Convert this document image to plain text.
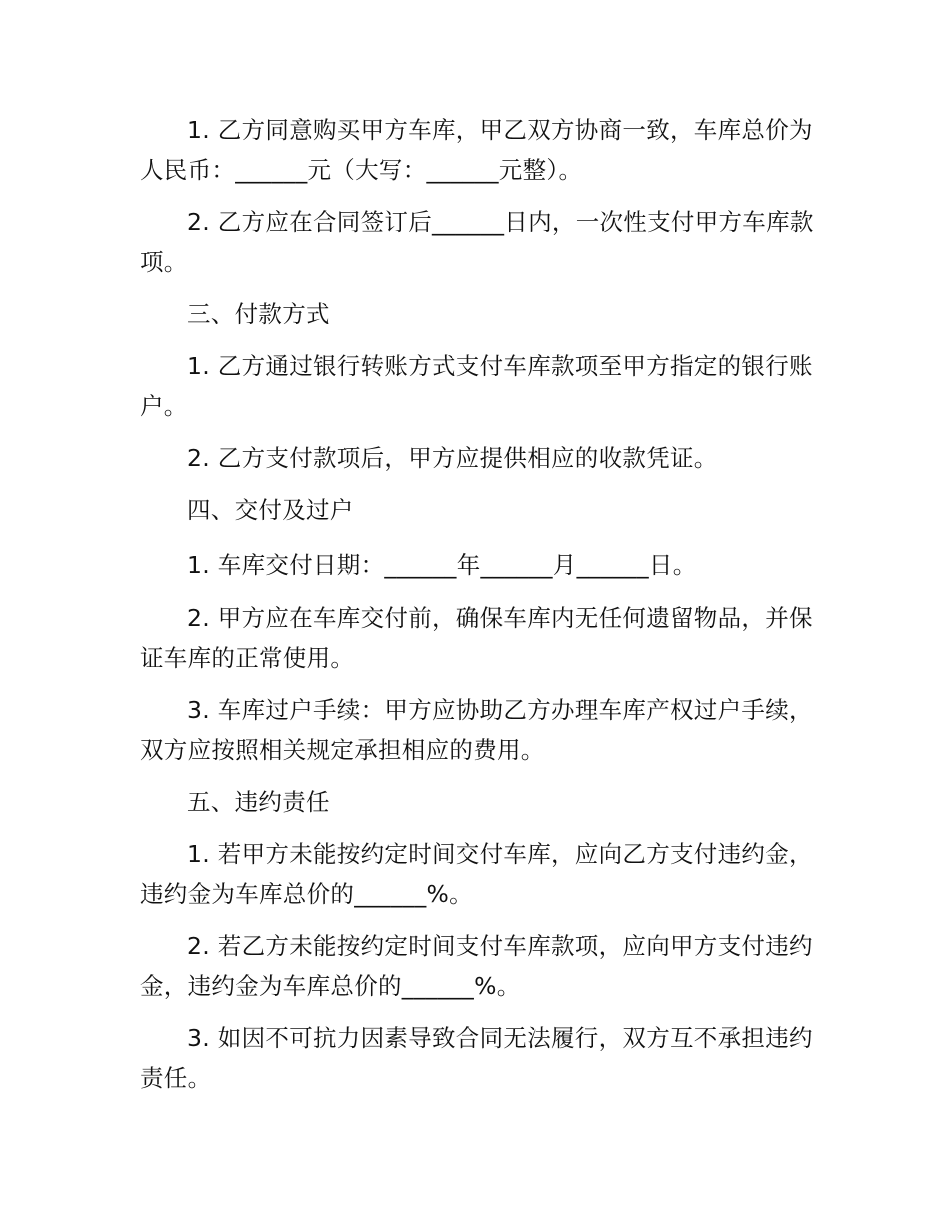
1. 乙方同意购买甲方车库，甲乙双方协商一致，车库总价为人民币：______元（大写：______元整）。

2. 乙方应在合同签订后______日内，一次性支付甲方车库款项。

三、付款方式

1. 乙方通过银行转账方式支付车库款项至甲方指定的银行账户。

2. 乙方支付款项后，甲方应提供相应的收款凭证。

四、交付及过户

1. 车库交付日期：______年______月______日。

2. 甲方应在车库交付前，确保车库内无任何遗留物品，并保证车库的正常使用。

3. 车库过户手续：甲方应协助乙方办理车库产权过户手续，双方应按照相关规定承担相应的费用。

五、违约责任

1. 若甲方未能按约定时间交付车库，应向乙方支付违约金，违约金为车库总价的______%。

2. 若乙方未能按约定时间支付车库款项，应向甲方支付违约金，违约金为车库总价的______%。

3. 如因不可抗力因素导致合同无法履行，双方互不承担违约责任。
